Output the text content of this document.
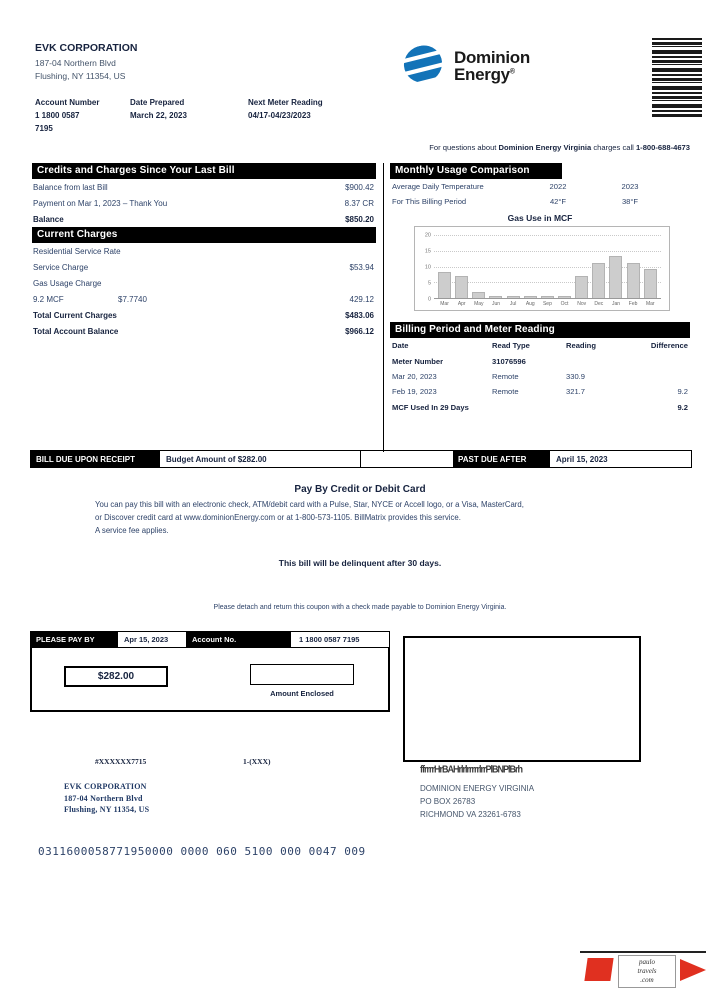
EVK CORPORATION
187-04 Northern Blvd
Flushing, NY 11354, US
Account Number	Date Prepared	Next Meter Reading
1 1800 0587	March 22, 2023	04/17-04/23/2023
7195
Dominion
Energy®
For questions about Dominion Energy Virginia charges call 1-800-688-4673
Credits and Charges Since Your Last Bill
Balance from last Bill	$900.42
Payment on Mar 1, 2023 – Thank You	8.37 CR
Balance	$850.20
Current Charges
Residential Service Rate
Service Charge	$53.94
Gas Usage Charge
9.2 MCF	$7.7740	429.12
Total Current Charges	$483.06
Total Account Balance	$966.12
Monthly Usage Comparison
Average Daily Temperature	2022	2023
For This Billing Period	42°F	38°F
Gas Use in MCF
20
15
10
5
0
Mar	Apr	May	Jun	Jul	Aug	Sep	Oct	Nov	Dec	Jan	Feb	Mar
Billing Period and Meter Reading
Date	Read Type	Reading	Difference
Meter Number	31076596
Mar 20, 2023	Remote	330.9
Feb 19, 2023	Remote	321.7	9.2
MCF Used In 29 Days	9.2
BILL DUE UPON RECEIPT	Budget Amount of $282.00	PAST DUE AFTER	April 15, 2023
Pay By Credit or Debit Card
You can pay this bill with an electronic check, ATM/debit card with a Pulse, Star, NYCE or Accell logo, or a Visa, MasterCard,
or Discover credit card at www.dominionEnergy.com or at 1-800-573-1105. BillMatrix provides this service.
A service fee applies.
This bill will be delinquent after 30 days.
Please detach and return this coupon with a check made payable to Dominion Energy Virginia.
PLEASE PAY BY	Apr 15, 2023	Account No.	1 1800 0587 7195
$282.00
Amount Enclosed
#XXXXXX7715	1-(XXX)
EVK CORPORATION
187-04 Northern Blvd
Flushing, NY 11354, US
ffrrrrHrBAHrlrlrrrrrlrrPlBNPlBrh
DOMINION ENERGY VIRGINIA
PO BOX 26783
RICHMOND VA 23261-6783
0311600058771950000 0000 060 5100 000 0047 009
paulo
travels
.com
